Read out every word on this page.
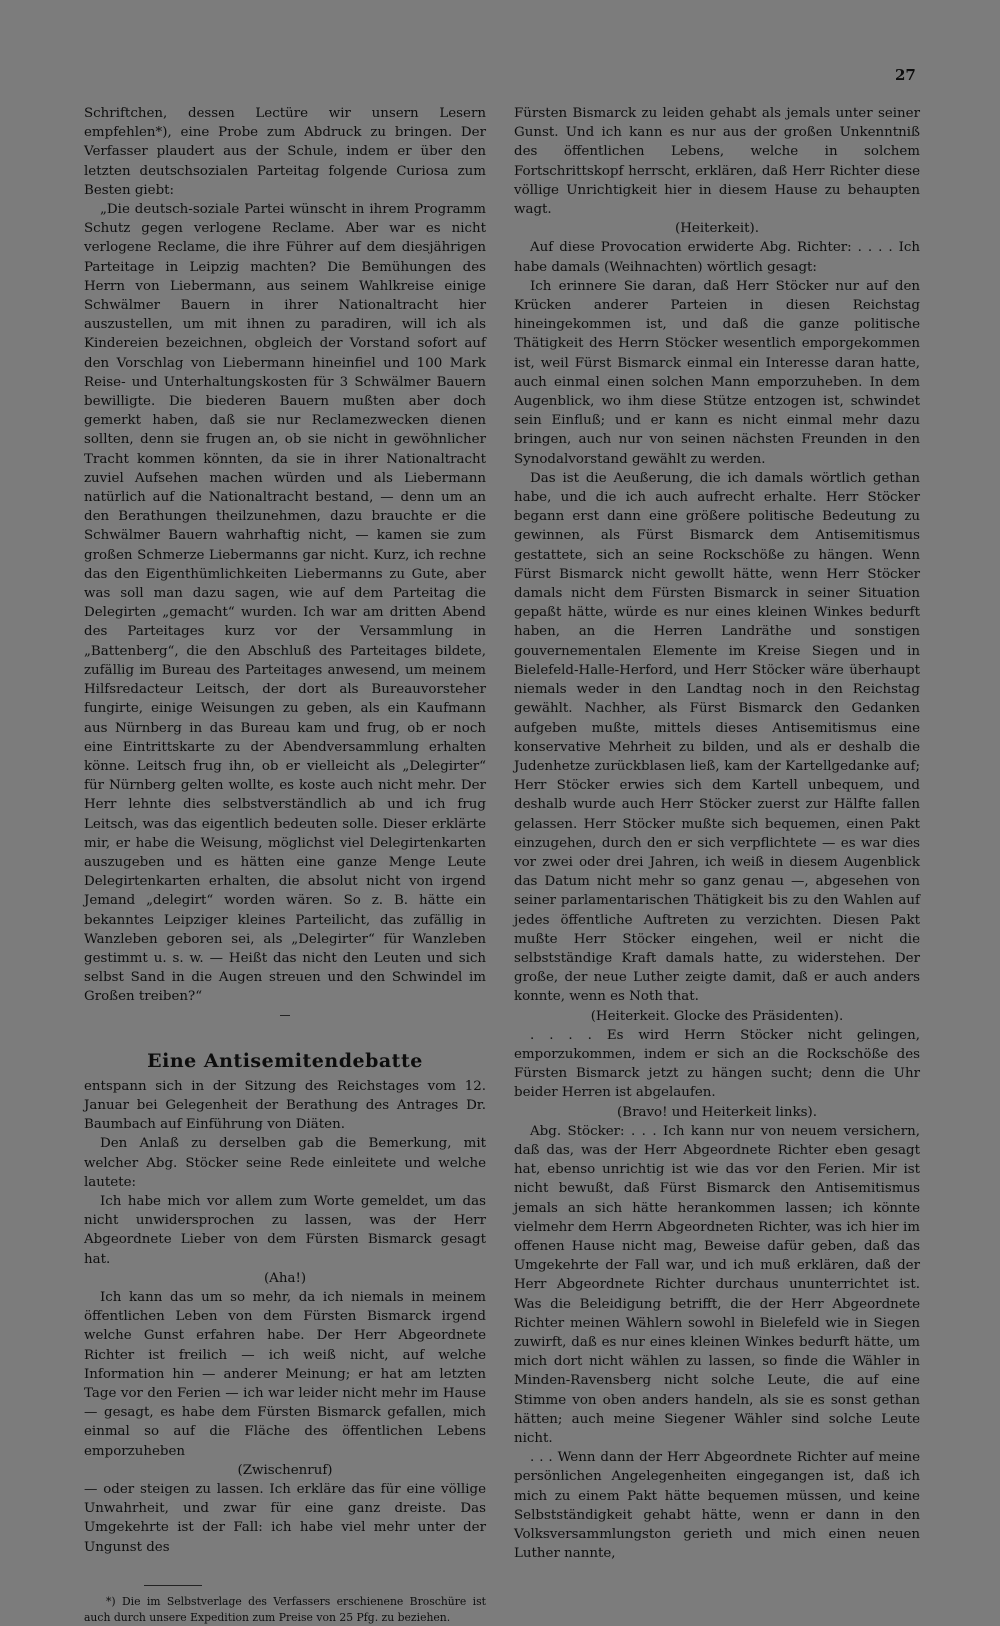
27

Schriftchen, dessen Lectüre wir unsern Lesern empfehlen*), eine Probe zum Abdruck zu bringen. Der Verfasser plaudert aus der Schule, indem er über den letzten deutschsozialen Parteitag folgende Curiosa zum Besten giebt:

„Die deutsch-soziale Partei wünscht in ihrem Programm Schutz gegen verlogene Reclame. Aber war es nicht verlogene Reclame, die ihre Führer auf dem diesjährigen Parteitage in Leipzig machten? Die Bemühungen des Herrn von Liebermann, aus seinem Wahlkreise einige Schwälmer Bauern in ihrer Nationaltracht hier auszustellen, um mit ihnen zu paradiren, will ich als Kindereien bezeichnen, obgleich der Vorstand sofort auf den Vorschlag von Liebermann hineinfiel und 100 Mark Reise- und Unterhaltungskosten für 3 Schwälmer Bauern bewilligte. Die biederen Bauern mußten aber doch gemerkt haben, daß sie nur Reclamezwecken dienen sollten, denn sie frugen an, ob sie nicht in gewöhnlicher Tracht kommen könnten, da sie in ihrer Nationaltracht zuviel Aufsehen machen würden und als Liebermann natürlich auf die Nationaltracht bestand, — denn um an den Berathungen theilzunehmen, dazu brauchte er die Schwälmer Bauern wahrhaftig nicht, — kamen sie zum großen Schmerze Liebermanns gar nicht. Kurz, ich rechne das den Eigenthümlichkeiten Liebermanns zu Gute, aber was soll man dazu sagen, wie auf dem Parteitag die Delegirten „gemacht“ wurden. Ich war am dritten Abend des Parteitages kurz vor der Versammlung in „Battenberg“, die den Abschluß des Parteitages bildete, zufällig im Bureau des Parteitages anwesend, um meinem Hilfsredacteur Leitsch, der dort als Bureauvorsteher fungirte, einige Weisungen zu geben, als ein Kaufmann aus Nürnberg in das Bureau kam und frug, ob er noch eine Eintrittskarte zu der Abendversammlung erhalten könne. Leitsch frug ihn, ob er vielleicht als „Delegirter“ für Nürnberg gelten wollte, es koste auch nicht mehr. Der Herr lehnte dies selbstverständlich ab und ich frug Leitsch, was das eigentlich bedeuten solle. Dieser erklärte mir, er habe die Weisung, möglichst viel Delegirtenkarten auszugeben und es hätten eine ganze Menge Leute Delegirtenkarten erhalten, die absolut nicht von irgend Jemand „delegirt“ worden wären. So z. B. hätte ein bekanntes Leipziger kleines Parteilicht, das zufällig in Wanzleben geboren sei, als „Delegirter“ für Wanzleben gestimmt u. s. w. — Heißt das nicht den Leuten und sich selbst Sand in die Augen streuen und den Schwindel im Großen treiben?“

Eine Antisemitendebatte

entspann sich in der Sitzung des Reichstages vom 12. Januar bei Gelegenheit der Berathung des Antrages Dr. Baumbach auf Einführung von Diäten.

Den Anlaß zu derselben gab die Bemerkung, mit welcher Abg. Stöcker seine Rede einleitete und welche lautete:

Ich habe mich vor allem zum Worte gemeldet, um das nicht unwidersprochen zu lassen, was der Herr Abgeordnete Lieber von dem Fürsten Bismarck gesagt hat.

(Aha!)

Ich kann das um so mehr, da ich niemals in meinem öffentlichen Leben von dem Fürsten Bismarck irgend welche Gunst erfahren habe. Der Herr Abgeordnete Richter ist freilich — ich weiß nicht, auf welche Information hin — anderer Meinung; er hat am letzten Tage vor den Ferien — ich war leider nicht mehr im Hause — gesagt, es habe dem Fürsten Bismarck gefallen, mich einmal so auf die Fläche des öffentlichen Lebens emporzuheben

(Zwischenruf)

— oder steigen zu lassen. Ich erkläre das für eine völlige Unwahrheit, und zwar für eine ganz dreiste. Das Umgekehrte ist der Fall: ich habe viel mehr unter der Ungunst des

*) Die im Selbstverlage des Verfassers erschienene Broschüre ist auch durch unsere Expedition zum Preise von 25 Pfg. zu beziehen.

Fürsten Bismarck zu leiden gehabt als jemals unter seiner Gunst. Und ich kann es nur aus der großen Unkenntniß des öffentlichen Lebens, welche in solchem Fortschrittskopf herrscht, erklären, daß Herr Richter diese völlige Unrichtigkeit hier in diesem Hause zu behaupten wagt.

(Heiterkeit).

Auf diese Provocation erwiderte Abg. Richter: . . . . Ich habe damals (Weihnachten) wörtlich gesagt:

Ich erinnere Sie daran, daß Herr Stöcker nur auf den Krücken anderer Parteien in diesen Reichstag hineingekommen ist, und daß die ganze politische Thätigkeit des Herrn Stöcker wesentlich emporgekommen ist, weil Fürst Bismarck einmal ein Interesse daran hatte, auch einmal einen solchen Mann emporzuheben. In dem Augenblick, wo ihm diese Stütze entzogen ist, schwindet sein Einfluß; und er kann es nicht einmal mehr dazu bringen, auch nur von seinen nächsten Freunden in den Synodalvorstand gewählt zu werden.

Das ist die Aeußerung, die ich damals wörtlich gethan habe, und die ich auch aufrecht erhalte. Herr Stöcker begann erst dann eine größere politische Bedeutung zu gewinnen, als Fürst Bismarck dem Antisemitismus gestattete, sich an seine Rockschöße zu hängen. Wenn Fürst Bismarck nicht gewollt hätte, wenn Herr Stöcker damals nicht dem Fürsten Bismarck in seiner Situation gepaßt hätte, würde es nur eines kleinen Winkes bedurft haben, an die Herren Landräthe und sonstigen gouvernementalen Elemente im Kreise Siegen und in Bielefeld-Halle-Herford, und Herr Stöcker wäre überhaupt niemals weder in den Landtag noch in den Reichstag gewählt. Nachher, als Fürst Bismarck den Gedanken aufgeben mußte, mittels dieses Antisemitismus eine konservative Mehrheit zu bilden, und als er deshalb die Judenhetze zurückblasen ließ, kam der Kartellgedanke auf; Herr Stöcker erwies sich dem Kartell unbequem, und deshalb wurde auch Herr Stöcker zuerst zur Hälfte fallen gelassen. Herr Stöcker mußte sich bequemen, einen Pakt einzugehen, durch den er sich verpflichtete — es war dies vor zwei oder drei Jahren, ich weiß in diesem Augenblick das Datum nicht mehr so ganz genau —, abgesehen von seiner parlamentarischen Thätigkeit bis zu den Wahlen auf jedes öffentliche Auftreten zu verzichten. Diesen Pakt mußte Herr Stöcker eingehen, weil er nicht die selbstständige Kraft damals hatte, zu widerstehen. Der große, der neue Luther zeigte damit, daß er auch anders konnte, wenn es Noth that.

(Heiterkeit. Glocke des Präsidenten).

. . . . Es wird Herrn Stöcker nicht gelingen, emporzukommen, indem er sich an die Rockschöße des Fürsten Bismarck jetzt zu hängen sucht; denn die Uhr beider Herren ist abgelaufen.

(Bravo! und Heiterkeit links).

Abg. Stöcker: . . . Ich kann nur von neuem versichern, daß das, was der Herr Abgeordnete Richter eben gesagt hat, ebenso unrichtig ist wie das vor den Ferien. Mir ist nicht bewußt, daß Fürst Bismarck den Antisemitismus jemals an sich hätte herankommen lassen; ich könnte vielmehr dem Herrn Abgeordneten Richter, was ich hier im offenen Hause nicht mag, Beweise dafür geben, daß das Umgekehrte der Fall war, und ich muß erklären, daß der Herr Abgeordnete Richter durchaus ununterrichtet ist. Was die Beleidigung betrifft, die der Herr Abgeordnete Richter meinen Wählern sowohl in Bielefeld wie in Siegen zuwirft, daß es nur eines kleinen Winkes bedurft hätte, um mich dort nicht wählen zu lassen, so finde die Wähler in Minden-Ravensberg nicht solche Leute, die auf eine Stimme von oben anders handeln, als sie es sonst gethan hätten; auch meine Siegener Wähler sind solche Leute nicht.

. . . Wenn dann der Herr Abgeordnete Richter auf meine persönlichen Angelegenheiten eingegangen ist, daß ich mich zu einem Pakt hätte bequemen müssen, und keine Selbstständigkeit gehabt hätte, wenn er dann in den Volksversammlungston gerieth und mich einen neuen Luther nannte,
